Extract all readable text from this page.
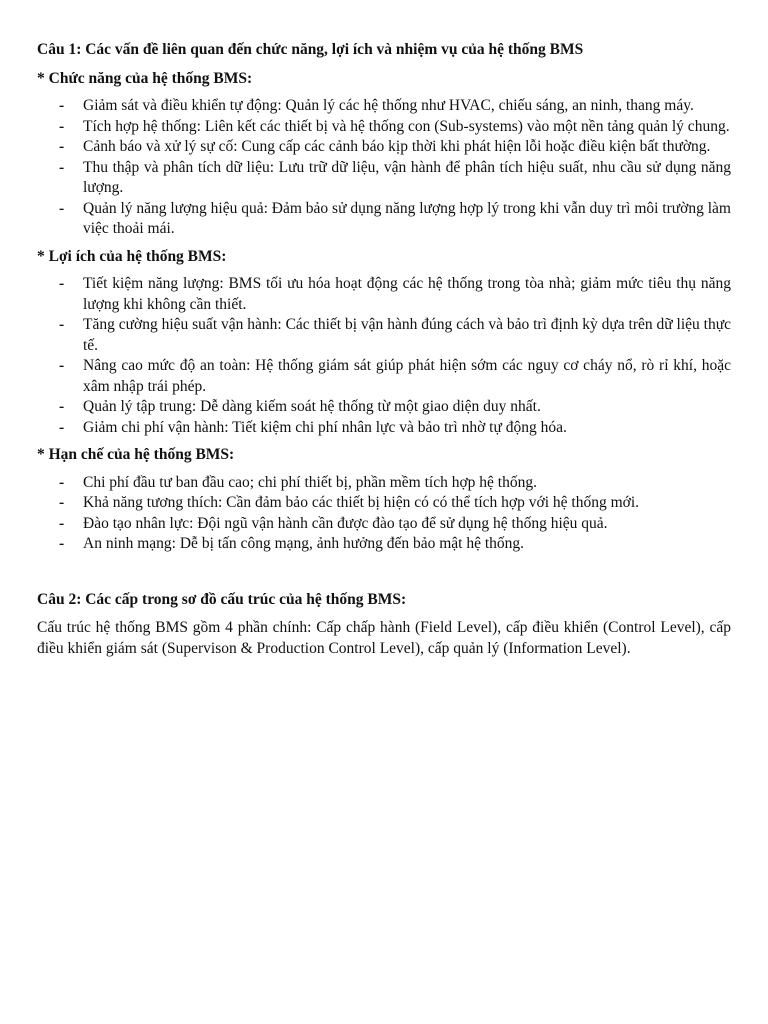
Câu 1: Các vấn đề liên quan đến chức năng, lợi ích và nhiệm vụ của hệ thống BMS
* Chức năng của hệ thống BMS:
- Giảm sát và điều khiển tự động: Quản lý các hệ thống như HVAC, chiếu sáng, an ninh, thang máy.
- Tích hợp hệ thống: Liên kết các thiết bị và hệ thống con (Sub-systems) vào một nền tảng quản lý chung.
- Cảnh báo và xử lý sự cố: Cung cấp các cảnh báo kịp thời khi phát hiện lỗi hoặc điều kiện bất thường.
- Thu thập và phân tích dữ liệu: Lưu trữ dữ liệu, vận hành để phân tích hiệu suất, nhu cầu sử dụng năng lượng.
- Quản lý năng lượng hiệu quả: Đảm bảo sử dụng năng lượng hợp lý trong khi vẫn duy trì môi trường làm việc thoải mái.
* Lợi ích của hệ thống BMS:
- Tiết kiệm năng lượng: BMS tối ưu hóa hoạt động các hệ thống trong tòa nhà; giảm mức tiêu thụ năng lượng khi không cần thiết.
- Tăng cường hiệu suất vận hành: Các thiết bị vận hành đúng cách và bảo trì định kỳ dựa trên dữ liệu thực tế.
- Nâng cao mức độ an toàn: Hệ thống giám sát giúp phát hiện sớm các nguy cơ cháy nổ, rò rỉ khí, hoặc xâm nhập trái phép.
- Quản lý tập trung: Dễ dàng kiếm soát hệ thống từ một giao diện duy nhất.
- Giảm chi phí vận hành: Tiết kiệm chi phí nhân lực và bảo trì nhờ tự động hóa.
* Hạn chế của hệ thống BMS:
- Chi phí đầu tư ban đầu cao; chi phí thiết bị, phần mềm tích hợp hệ thống.
- Khả năng tương thích: Cần đảm bảo các thiết bị hiện có có thể tích hợp với hệ thống mới.
- Đào tạo nhân lực: Đội ngũ vận hành cần được đào tạo để sử dụng hệ thống hiệu quả.
- An ninh mạng: Dễ bị tấn công mạng, ảnh hưởng đến bảo mật hệ thống.
Câu 2: Các cấp trong sơ đồ cấu trúc của hệ thống BMS:

Cấu trúc hệ thống BMS gồm 4 phần chính: Cấp chấp hành (Field Level), cấp điều khiển (Control Level), cấp điều khiển giám sát (Supervison & Production Control Level), cấp quản lý (Information Level).
